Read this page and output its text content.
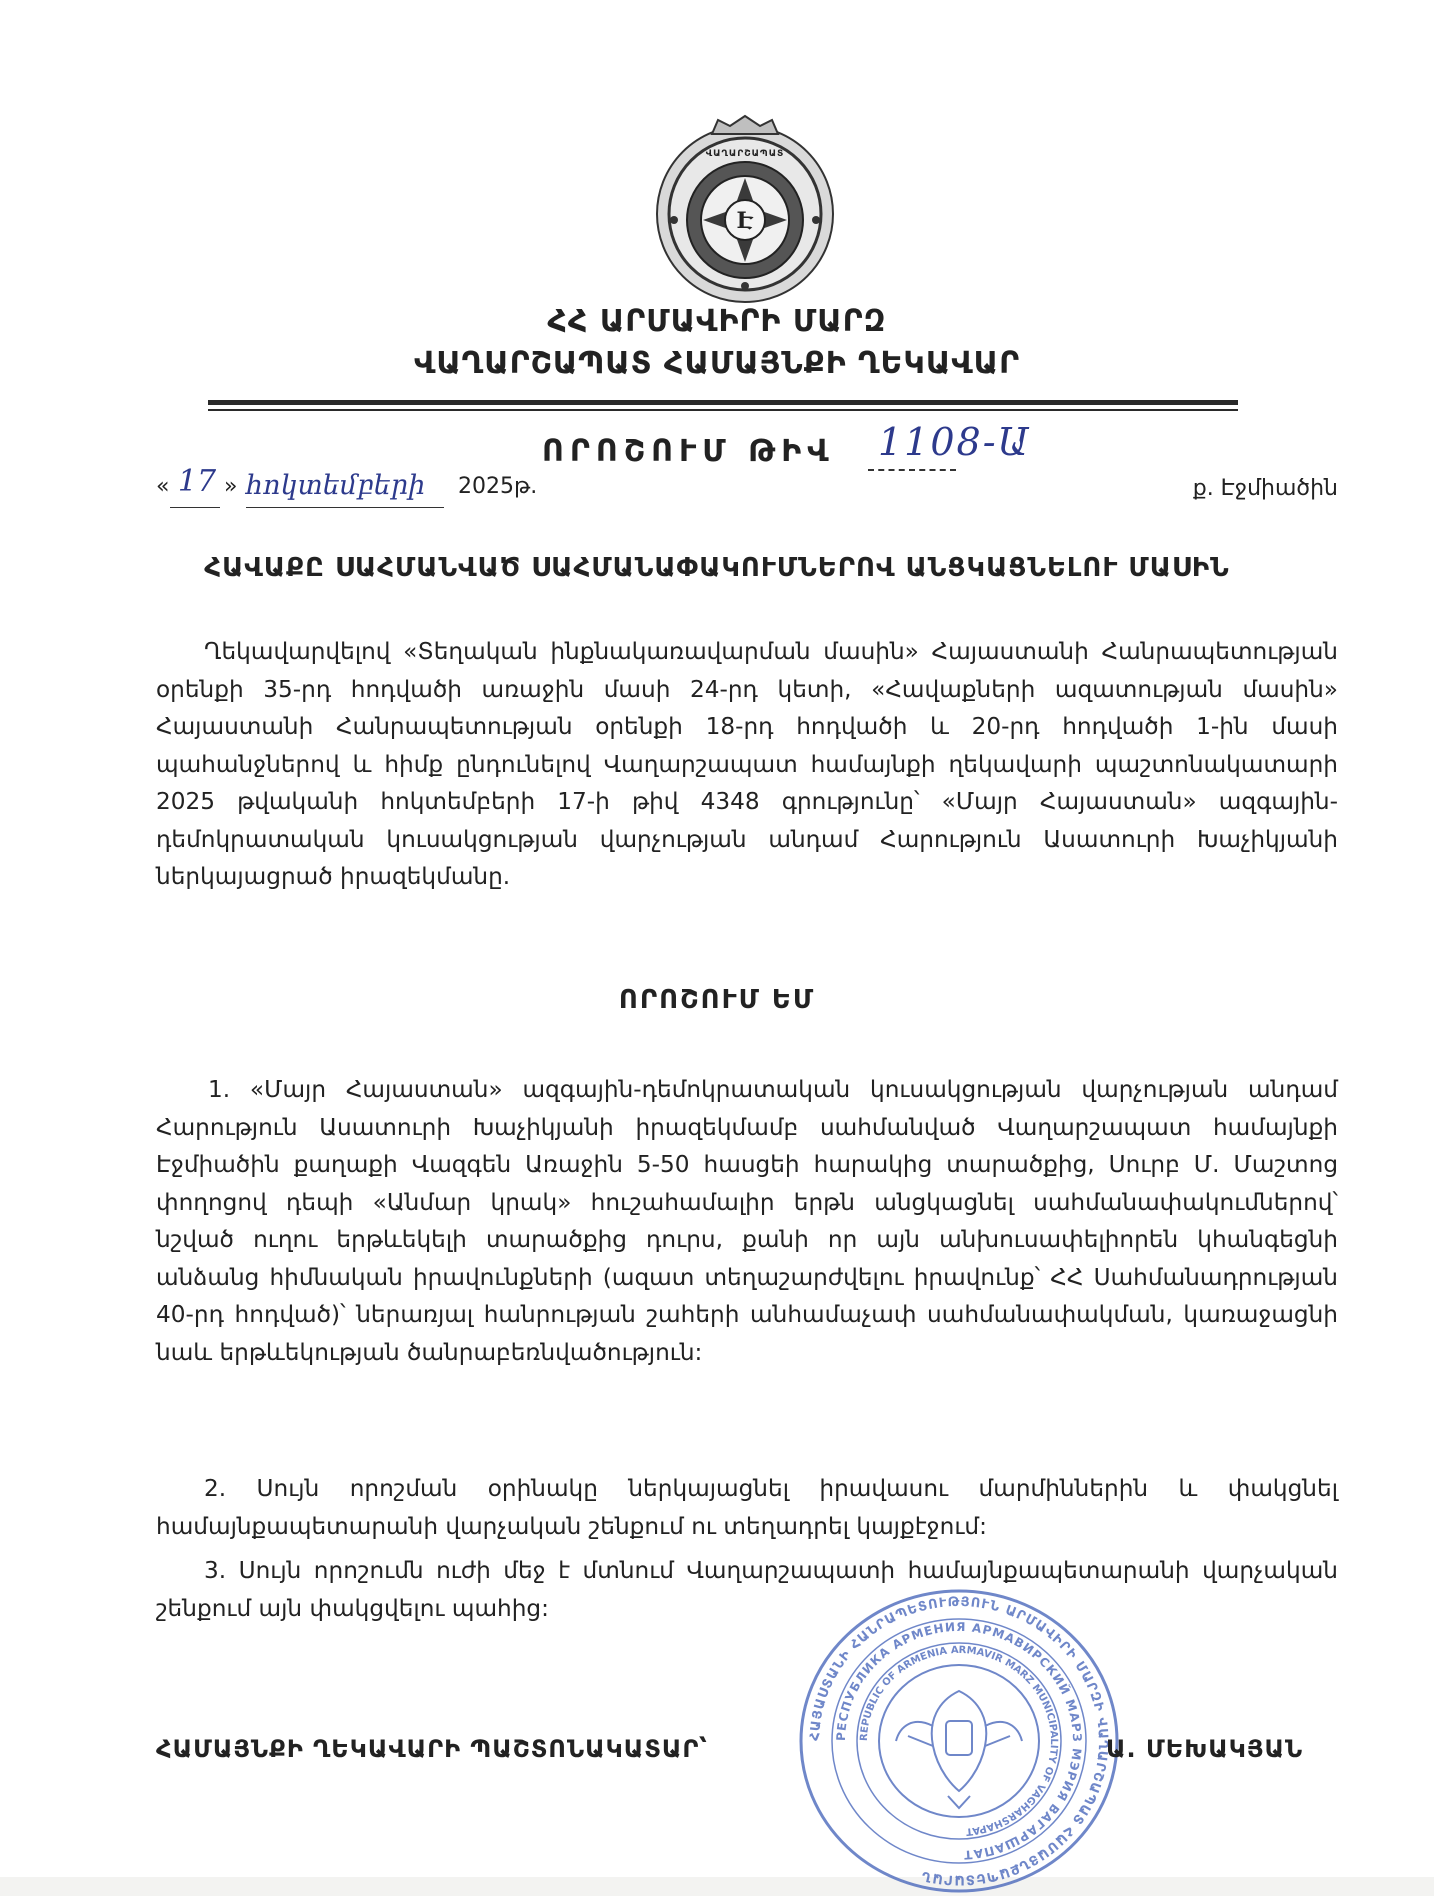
Է
ՎԱՂԱՐՇԱՊԱՏ
ՀՀ ԱՐՄԱՎԻՐԻ ՄԱՐԶ
ՎԱՂԱՐՇԱՊԱՏ ՀԱՄԱՅՆՔԻ ՂԵԿԱՎԱՐ
ՈՐՈՇՈՒՄ ԹԻՎ 1108-Ա
« 17 » հոկտեմբերի	2025թ.	ք. Էջմիածին
ՀԱՎԱՔԸ ՍԱՀՄԱՆՎԱԾ ՍԱՀՄԱՆԱՓԱԿՈՒՄՆԵՐՈՎ ԱՆՑԿԱՑՆԵԼՈՒ ՄԱՍԻՆ
Ղեկավարվելով «Տեղական ինքնակառավարման մասին» Հայաստանի Հանրապետության օրենքի 35-րդ հոդվածի առաջին մասի 24-րդ կետի, «Հավաքների ազատության մասին» Հայաստանի Հանրապետության օրենքի 18-րդ հոդվածի և 20-րդ հոդվածի 1-ին մասի պահանջներով և հիմք ընդունելով Վաղարշապատ համայնքի ղեկավարի պաշտոնակատարի 2025 թվականի հոկտեմբերի 17-ի թիվ 4348 գրությունը՝ «Մայր Հայաստան» ազգային-դեմոկրատական կուսակցության վարչության անդամ Հարություն Ասատուրի Խաչիկյանի ներկայացրած իրազեկմանը.
ՈՐՈՇՈՒՄ ԵՄ
1. «Մայր Հայաստան» ազգային-դեմոկրատական կուսակցության վարչության անդամ Հարություն Ասատուրի Խաչիկյանի իրազեկմամբ սահմանված Վաղարշապատ համայնքի Էջմիածին քաղաքի Վազգեն Առաջին 5-50 հասցեի հարակից տարածքից, Սուրբ Մ. Մաշտոց փողոցով դեպի «Անմար կրակ» հուշահամալիր երթն անցկացնել սահմանափակումներով՝ նշված ուղու երթևեկելի տարածքից դուրս, քանի որ այն անխուսափելիորեն կհանգեցնի անձանց հիմնական իրավունքների (ազատ տեղաշարժվելու իրավունք՝ ՀՀ Սահմանադրության 40-րդ հոդված)՝ ներառյալ հանրության շահերի անհամաչափ սահմանափակման, կառաջացնի նաև երթևեկության ծանրաբեռնվածություն:
2. Սույն որոշման օրինակը ներկայացնել իրավասու մարմիններին և փակցնել համայնքապետարանի վարչական շենքում ու տեղադրել կայքէջում:
3. Սույն որոշումն ուժի մեջ է մտնում Վաղարշապատի համայնքապետարանի վարչական շենքում այն փակցվելու պահից:
ՀԱՅԱՍՏԱՆԻ ՀԱՆՐԱՊԵՏՈՒԹՅՈՒՆ ԱՐՄԱՎԻՐԻ ՄԱՐԶԻ ՎԱՂԱՐՇԱՊԱՏ ՀԱՄԱՅՆՔԱՊԵՏԱՐԱՆ
РЕСПУБЛИКА АРМЕНИЯ АРМАВИРСКИЙ МАРЗ МЭРИЯ ВАГАРШАПАТ
REPUBLIC OF ARMENIA ARMAVIR MARZ MUNICIPALITY OF VAGHARSHAPAT
ՀԱՄԱՅՆՔԻ ՂԵԿԱՎԱՐԻ ՊԱՇՏՈՆԱԿԱՏԱՐ՝	Ա. ՄԵԽԱԿՅԱՆ
